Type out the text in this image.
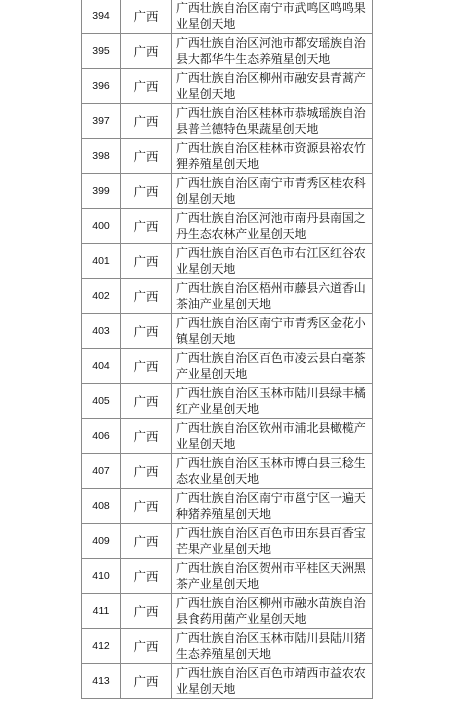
394	广西	广西壮族自治区南宁市武鸣区鸣鸣果业星创天地
395	广西	广西壮族自治区河池市都安瑶族自治县大都华牛生态养殖星创天地
396	广西	广西壮族自治区柳州市融安县青蒿产业星创天地
397	广西	广西壮族自治区桂林市恭城瑶族自治县普兰德特色果蔬星创天地
398	广西	广西壮族自治区桂林市资源县裕农竹狸养殖星创天地
399	广西	广西壮族自治区南宁市青秀区桂农科创星创天地
400	广西	广西壮族自治区河池市南丹县南国之丹生态农林产业星创天地
401	广西	广西壮族自治区百色市右江区红谷农业星创天地
402	广西	广西壮族自治区梧州市藤县六道香山茶油产业星创天地
403	广西	广西壮族自治区南宁市青秀区金花小镇星创天地
404	广西	广西壮族自治区百色市凌云县白毫茶产业星创天地
405	广西	广西壮族自治区玉林市陆川县绿丰橘红产业星创天地
406	广西	广西壮族自治区钦州市浦北县橄榄产业星创天地
407	广西	广西壮族自治区玉林市博白县三稔生态农业星创天地
408	广西	广西壮族自治区南宁市邕宁区一遍天种猪养殖星创天地
409	广西	广西壮族自治区百色市田东县百香宝芒果产业星创天地
410	广西	广西壮族自治区贺州市平桂区天洲黑茶产业星创天地
411	广西	广西壮族自治区柳州市融水苗族自治县食药用菌产业星创天地
412	广西	广西壮族自治区玉林市陆川县陆川猪生态养殖星创天地
413	广西	广西壮族自治区百色市靖西市益农农业星创天地
